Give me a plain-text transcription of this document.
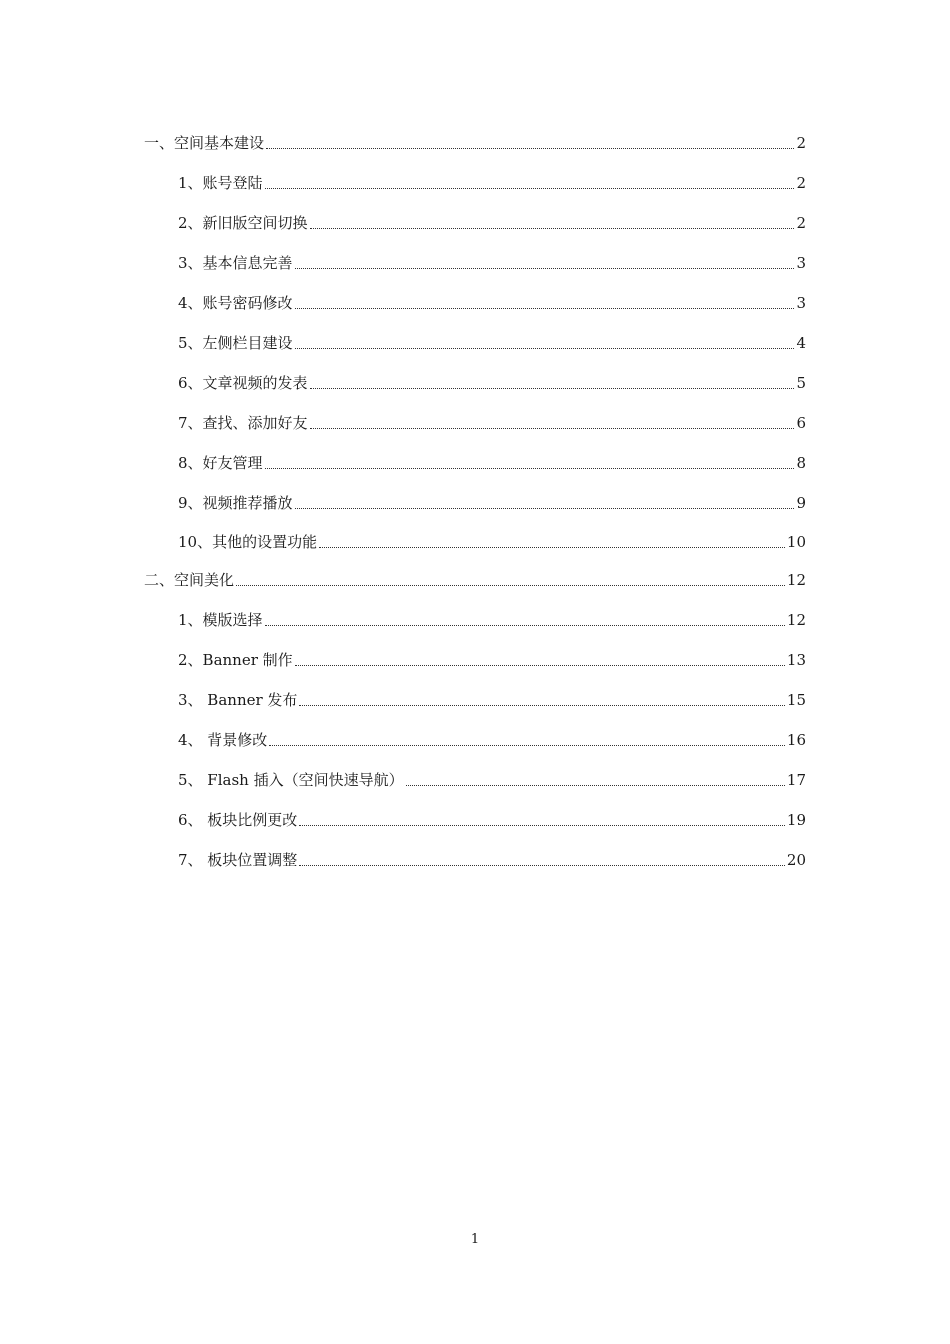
一、空间基本建设	2
1、账号登陆	2
2、新旧版空间切换	2
3、基本信息完善	3
4、账号密码修改	3
5、左侧栏目建设	4
6、文章视频的发表	5
7、查找、添加好友	6
8、好友管理	8
9、视频推荐播放	9
10、其他的设置功能	10
二、空间美化	12
1、模版选择	12
2、Banner 制作	13
3、 Banner 发布	15
4、 背景修改	16
5、 Flash 插入（空间快速导航）	17
6、 板块比例更改	19
7、 板块位置调整	20
1
